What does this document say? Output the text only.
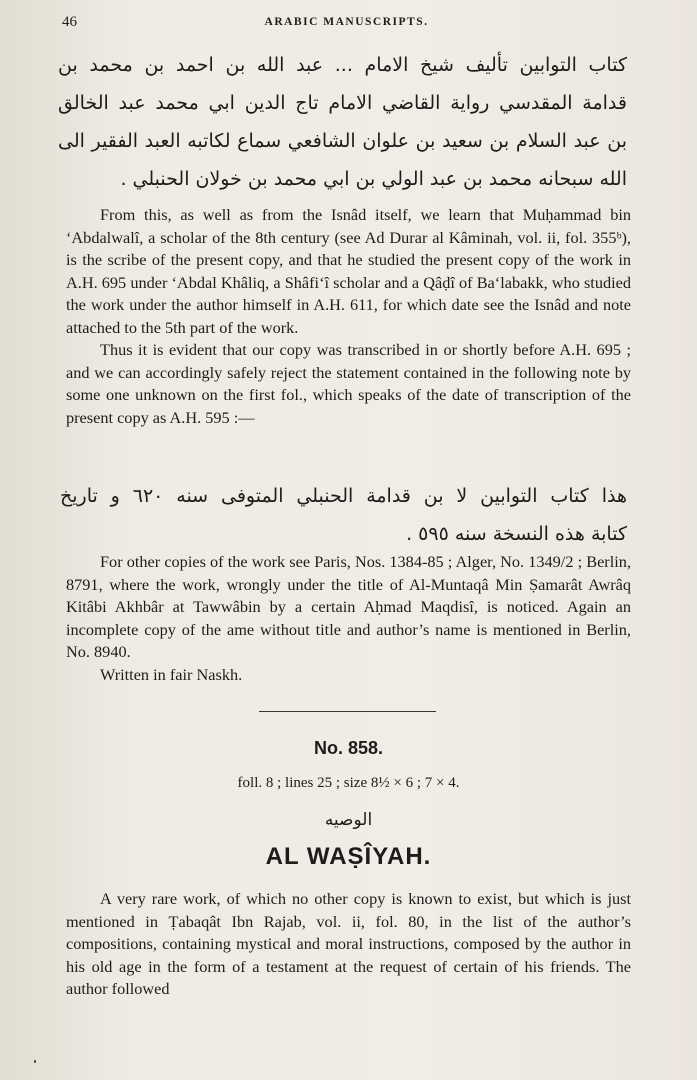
46	ARABIC MANUSCRIPTS.
كتاب التوابين تأليف شيخ الامام ... عبد الله بن احمد بن محمد بن
قدامة المقدسي رواية القاضي الامام تاج الدين ابي محمد عبد الخالق
بن عبد السلام بن سعيد بن علوان الشافعي سماع لكاتبه العبد الفقير الى
الله سبحانه محمد بن عبد الولي بن ابي محمد بن خولان الحنبلي .

From this, as well as from the Isnâd itself, we learn that Muḥammad bin ‘Abdalwalî, a scholar of the 8th century (see Ad Durar al Kâminah, vol. ii, fol. 355ᵇ), is the scribe of the present copy, and that he studied the present copy of the work in A.H. 695 under ‘Abdal Khâliq, a Shâfi‘î scholar and a Qâḍî of Ba‘labakk, who studied the work under the author himself in A.H. 611, for which date see the Isnâd and note attached to the 5th part of the work.

Thus it is evident that our copy was transcribed in or shortly before A.H. 695 ; and we can accordingly safely reject the statement contained in the following note by some one unknown on the first fol., which speaks of the date of transcription of the present copy as A.H. 595 :—

هذا كتاب التوابين لا بن قدامة الحنبلي المتوفى سنه ٦٢٠ و تاريخ
كتابة هذه النسخة سنه ٥٩٥ .

For other copies of the work see Paris, Nos. 1384-85 ; Alger, No. 1349/2 ; Berlin, 8791, where the work, wrongly under the title of Al-Muntaqâ Min Ṣamarât Awrâq Kitâbi Akhbâr at Tawwâbin by a certain Aḥmad Maqdisî, is noticed. Again an incomplete copy of the ame without title and author’s name is mentioned in Berlin, No. 8940.

Written in fair Naskh.

No. 858.
foll. 8 ; lines 25 ; size 8½ × 6 ; 7 × 4.
الوصيه
AL WAṢÎYAH.

A very rare work, of which no other copy is known to exist, but which is just mentioned in Ṭabaqât Ibn Rajab, vol. ii, fol. 80, in the list of the author’s compositions, containing mystical and moral instructions, composed by the author in his old age in the form of a testament at the request of certain of his friends. The author followed
